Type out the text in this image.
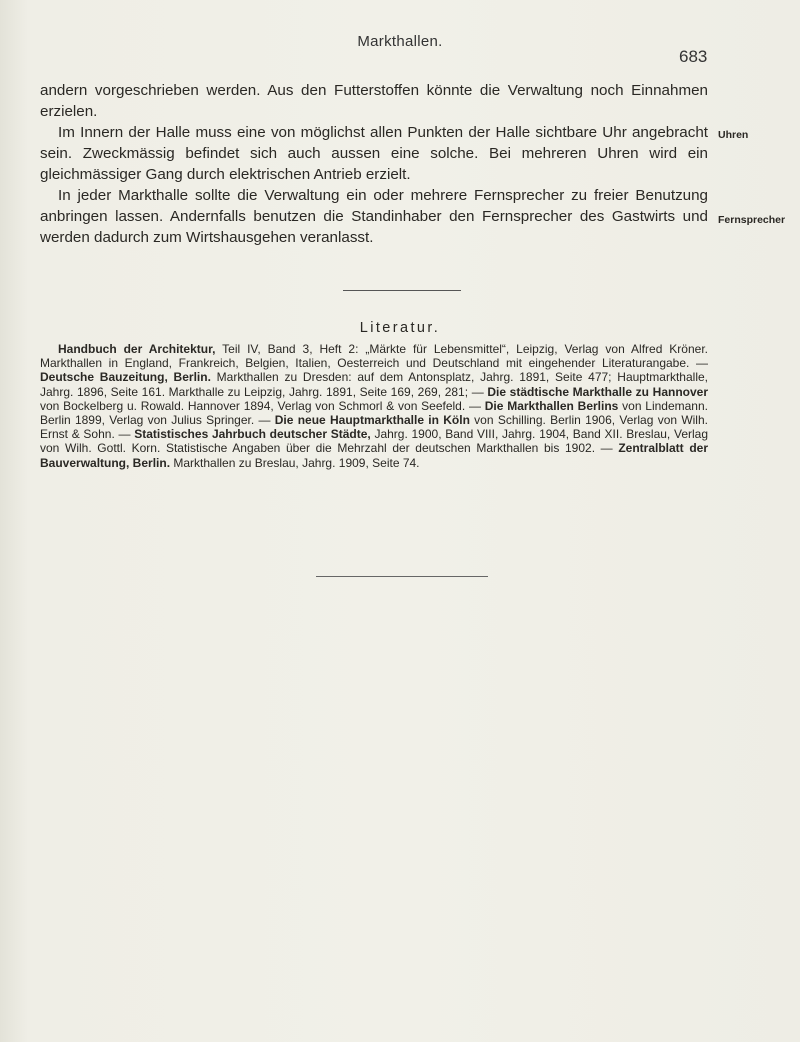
Markthallen.
683

andern vorgeschrieben werden. Aus den Futterstoffen könnte die Verwaltung noch Einnahmen erzielen.

Im Innern der Halle muss eine von möglichst allen Punkten der Halle sichtbare Uhr angebracht sein. Zweckmässig befindet sich auch aussen eine solche. Bei mehreren Uhren wird ein gleichmässiger Gang durch elektrischen Antrieb erzielt.

In jeder Markthalle sollte die Verwaltung ein oder mehrere Fernsprecher zu freier Benutzung anbringen lassen. Andernfalls benutzen die Standinhaber den Fernsprecher des Gastwirts und werden dadurch zum Wirtshausgehen veranlasst.

Uhren
Fernsprecher
Literatur.

Handbuch der Architektur, Teil IV, Band 3, Heft 2: „Märkte für Lebensmittel“, Leipzig, Verlag von Alfred Kröner. Markthallen in England, Frankreich, Belgien, Italien, Oesterreich und Deutschland mit eingehender Literaturangabe. — Deutsche Bauzeitung, Berlin. Markthallen zu Dresden: auf dem Antonsplatz, Jahrg. 1891, Seite 477; Hauptmarkthalle, Jahrg. 1896, Seite 161. Markthalle zu Leipzig, Jahrg. 1891, Seite 169, 269, 281; — Die städtische Markthalle zu Hannover von Bockelberg u. Rowald. Hannover 1894, Verlag von Schmorl & von Seefeld. — Die Markthallen Berlins von Lindemann. Berlin 1899, Verlag von Julius Springer. — Die neue Hauptmarkthalle in Köln von Schilling. Berlin 1906, Verlag von Wilh. Ernst & Sohn. — Statistisches Jahrbuch deutscher Städte, Jahrg. 1900, Band VIII, Jahrg. 1904, Band XII. Breslau, Verlag von Wilh. Gottl. Korn. Statistische Angaben über die Mehrzahl der deutschen Markthallen bis 1902. — Zentralblatt der Bauverwaltung, Berlin. Markthallen zu Breslau, Jahrg. 1909, Seite 74.
